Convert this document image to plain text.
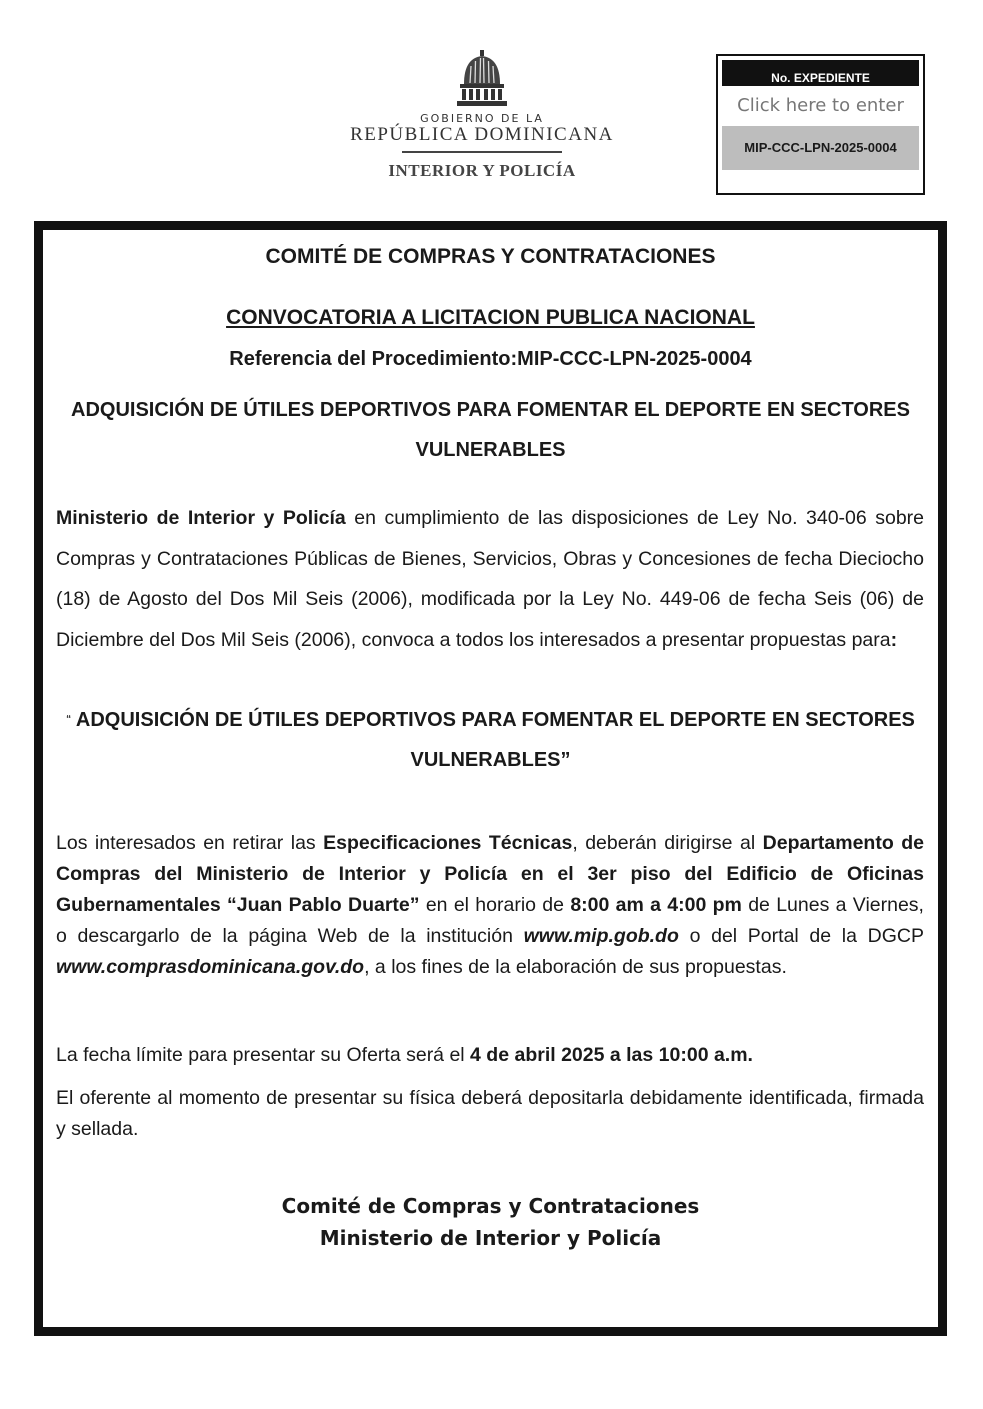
GOBIERNO DE LA
REPÚBLICA DOMINICANA
INTERIOR Y POLICÍA
No. EXPEDIENTE
Click here to enter
MIP-CCC-LPN-2025-0004
COMITÉ DE COMPRAS Y CONTRATACIONES
CONVOCATORIA A LICITACION PUBLICA NACIONAL
Referencia del Procedimiento:MIP-CCC-LPN-2025-0004
ADQUISICIÓN DE ÚTILES DEPORTIVOS PARA FOMENTAR EL DEPORTE EN SECTORES VULNERABLES
Ministerio de Interior y Policía en cumplimiento de las disposiciones de Ley No. 340-06 sobre Compras y Contrataciones Públicas de Bienes, Servicios, Obras y Concesiones de fecha Dieciocho (18) de Agosto del Dos Mil Seis (2006), modificada por la Ley No. 449-06 de fecha Seis (06) de Diciembre del Dos Mil Seis (2006), convoca a todos los interesados a presentar propuestas para:
“ ADQUISICIÓN DE ÚTILES DEPORTIVOS PARA FOMENTAR EL DEPORTE EN SECTORES VULNERABLES”
Los interesados en retirar las Especificaciones Técnicas, deberán dirigirse al Departamento de Compras del Ministerio de Interior y Policía en el 3er piso del Edificio de Oficinas Gubernamentales “Juan Pablo Duarte” en el horario de 8:00 am a 4:00 pm de Lunes a Viernes, o descargarlo de la página Web de la institución www.mip.gob.do o del Portal de la DGCP www.comprasdominicana.gov.do, a los fines de la elaboración de sus propuestas.
La fecha límite para presentar su Oferta será el 4 de abril 2025 a las 10:00 a.m.
El oferente al momento de presentar su física deberá depositarla debidamente identificada, firmada y sellada.
Comité de Compras y Contrataciones
Ministerio de Interior y Policía
